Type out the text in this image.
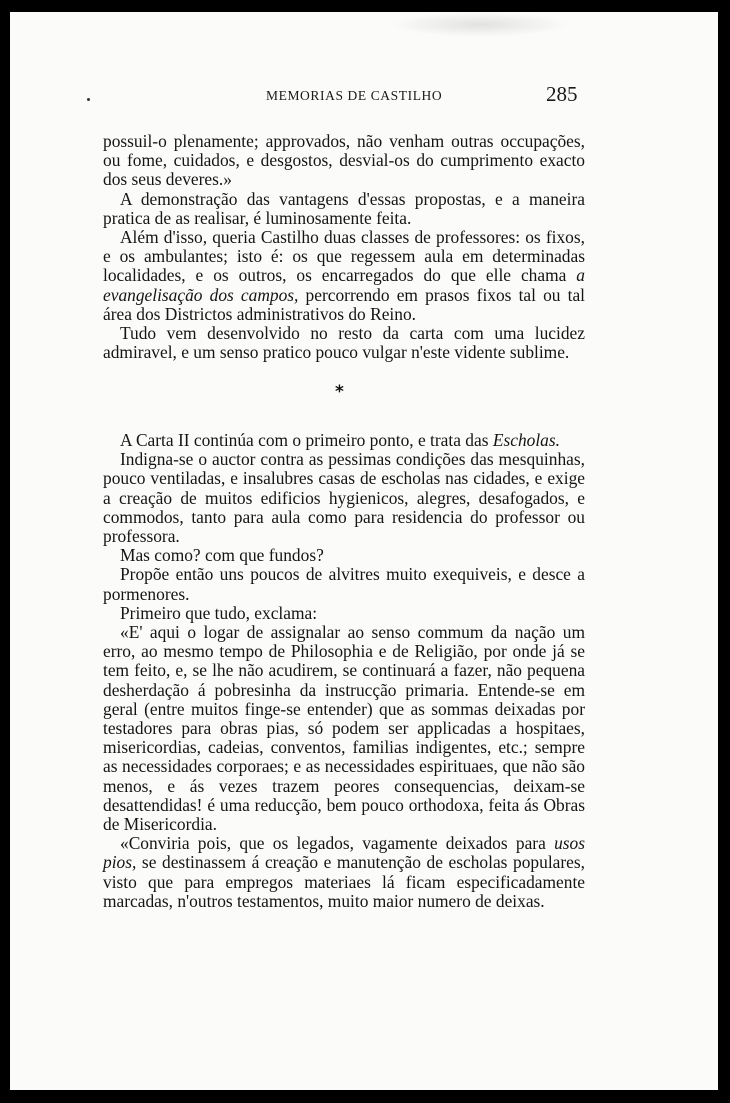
MEMORIAS DE CASTILHO	285

possuil-o plenamente; approvados, não venham outras occupações, ou fome, cuidados, e desgostos, desvial-os do cumprimento exacto dos seus deveres.»

A demonstração das vantagens d'essas propostas, e a maneira pratica de as realisar, é luminosamente feita.

Além d'isso, queria Castilho duas classes de professores: os fixos, e os ambulantes; isto é: os que regessem aula em determinadas localidades, e os outros, os encarregados do que elle chama a evangelisação dos campos, percorrendo em prasos fixos tal ou tal área dos Districtos administrativos do Reino.

Tudo vem desenvolvido no resto da carta com uma lucidez admiravel, e um senso pratico pouco vulgar n'este vidente sublime.

*

A Carta II continúa com o primeiro ponto, e trata das Escholas.

Indigna-se o auctor contra as pessimas condições das mesquinhas, pouco ventiladas, e insalubres casas de escholas nas cidades, e exige a creação de muitos edificios hygienicos, alegres, desafogados, e commodos, tanto para aula como para residencia do professor ou professora.

Mas como? com que fundos?

Propõe então uns poucos de alvitres muito exequiveis, e desce a pormenores.

Primeiro que tudo, exclama:

«E' aqui o logar de assignalar ao senso commum da nação um erro, ao mesmo tempo de Philosophia e de Religião, por onde já se tem feito, e, se lhe não acudirem, se continuará a fazer, não pequena desherdação á pobresinha da instrucção primaria. Entende-se em geral (entre muitos finge-se entender) que as sommas deixadas por testadores para obras pias, só podem ser applicadas a hospitaes, misericordias, cadeias, conventos, familias indigentes, etc.; sempre as necessidades corporaes; e as necessidades espirituaes, que não são menos, e ás vezes trazem peores consequencias, deixam-se desattendidas! é uma reducção, bem pouco orthodoxa, feita ás Obras de Misericordia.

«Conviria pois, que os legados, vagamente deixados para usos pios, se destinassem á creação e manutenção de escholas populares, visto que para empregos materiaes lá ficam especificadamente marcadas, n'outros testamentos, muito maior numero de deixas.
